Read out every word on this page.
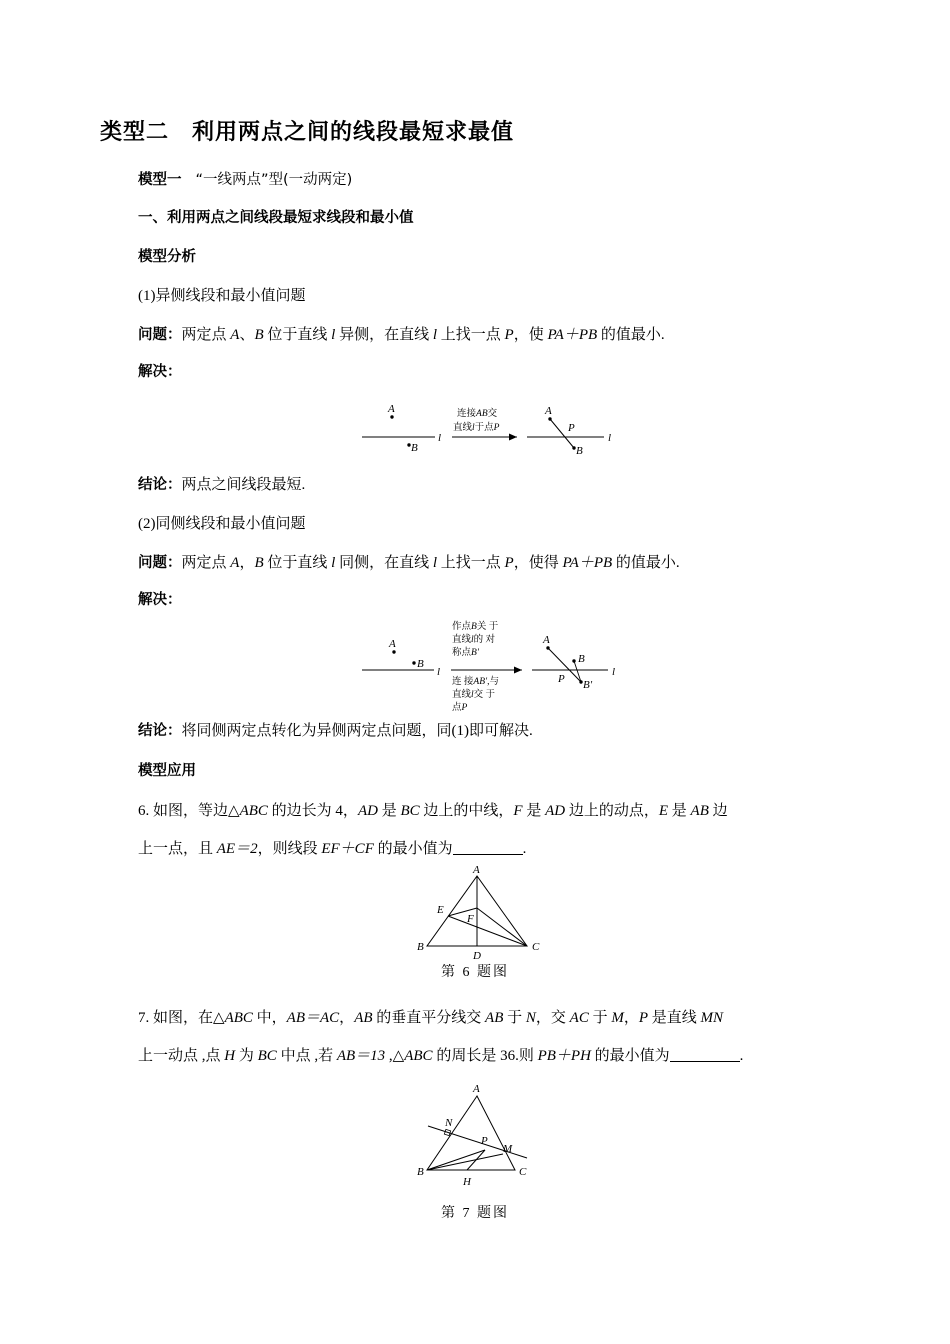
类型二　利用两点之间的线段最短求最值
模型一 “一线两点”型(一动两定)
一、利用两点之间线段最短求线段和最小值
模型分析
(1)异侧线段和最小值问题
问题：两定点 A、B 位于直线 l 异侧，在直线 l 上找一点 P，使 PA＋PB 的值最小.
解决：
A
B
l
连接AB交
直线l于点P
A
B
P
l
结论：两点之间线段最短.
(2)同侧线段和最小值问题
问题：两定点 A，B 位于直线 l 同侧，在直线 l 上找一点 P，使得 PA＋PB 的值最小.
解决：
A
B
l
作点B关 于
直线l的 对
称点B′
连 接AB′,与
直线l交 于
点P
A
B
B′
P
l
结论：将同侧两定点转化为异侧两定点问题，同(1)即可解决.
模型应用
6. 如图，等边△ABC 的边长为 4，AD 是 BC 边上的中线，F 是 AD 边上的动点，E 是 AB 边
上一点，且 AE＝2，则线段 EF＋CF 的最小值为	.
A
B	C
D
E
F
第 6 题图
7. 如图，在△ABC 中，AB＝AC，AB 的垂直平分线交 AB 于 N，交 AC 于 M，P 是直线 MN
上一动点 ,点 H 为 BC 中点 ,若 AB＝13 ,△ABC 的周长是 36.则 PB＋PH 的最小值为	.
A
B	C
H
M
N
P
第 7 题图
